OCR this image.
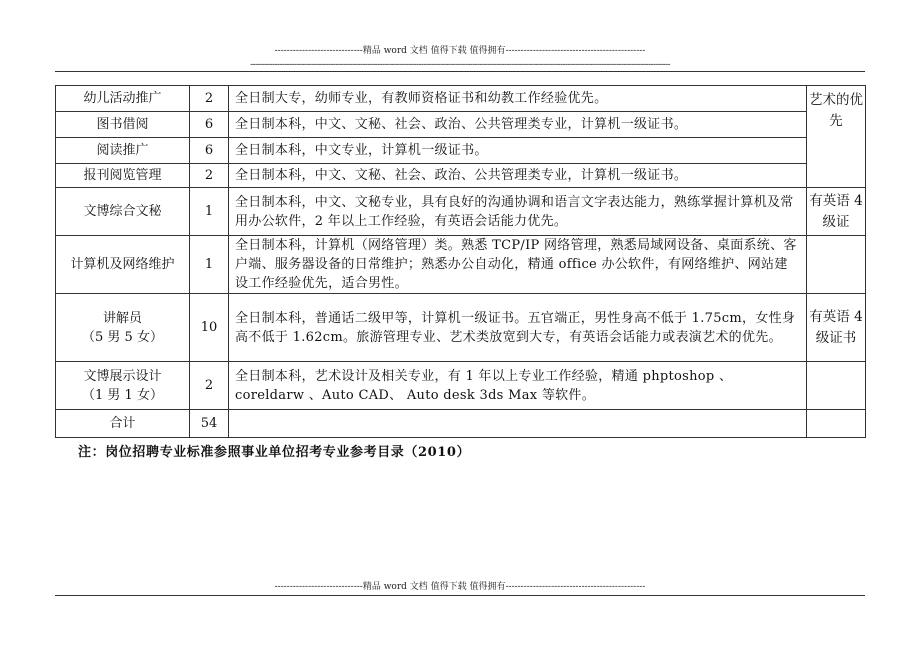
-----------------------------精品 word 文档 值得下载 值得拥有----------------------------------------------
----------------------------------------------------------------------------------------------------------------------------------------------------------------------------
幼儿活动推广	2	全日制大专，幼师专业，有教师资格证书和幼教工作经验优先。	艺术的优先
图书借阅	6	全日制本科，中文、文秘、社会、政治、公共管理类专业，计算机一级证书。	
阅读推广	6	全日制本科，中文专业，计算机一级证书。	
报刊阅览管理	2	全日制本科，中文、文秘、社会、政治、公共管理类专业，计算机一级证书。	
文博综合文秘	1	全日制本科，中文、文秘专业，具有良好的沟通协调和语言文字表达能力，熟练掌握计算机及常用办公软件，2 年以上工作经验，有英语会话能力优先。	有英语 4 级证
计算机及网络维护	1	全日制本科，计算机（网络管理）类。熟悉 TCP/IP 网络管理，熟悉局域网设备、桌面系统、客户端、服务器设备的日常维护；熟悉办公自动化，精通 office 办公软件，有网络维护、网站建设工作经验优先，适合男性。	

讲解员
（5 男 5 女）	10	全日制本科，普通话二级甲等，计算机一级证书。五官端正，男性身高不低于 1.75cm，女性身高不低于 1.62cm。旅游管理专业、艺术类放宽到大专，有英语会话能力或表演艺术的优先。	有英语 4 级证书

文博展示设计
（1 男 1 女）	2	全日制本科，艺术设计及相关专业，有 1 年以上专业工作经验，精通 phptoshop 、coreldarw 、Auto CAD、 Auto desk 3ds Max 等软件。	
合计	54		
注：岗位招聘专业标准参照事业单位招考专业参考目录（2010）
-----------------------------精品 word 文档 值得下载 值得拥有----------------------------------------------
